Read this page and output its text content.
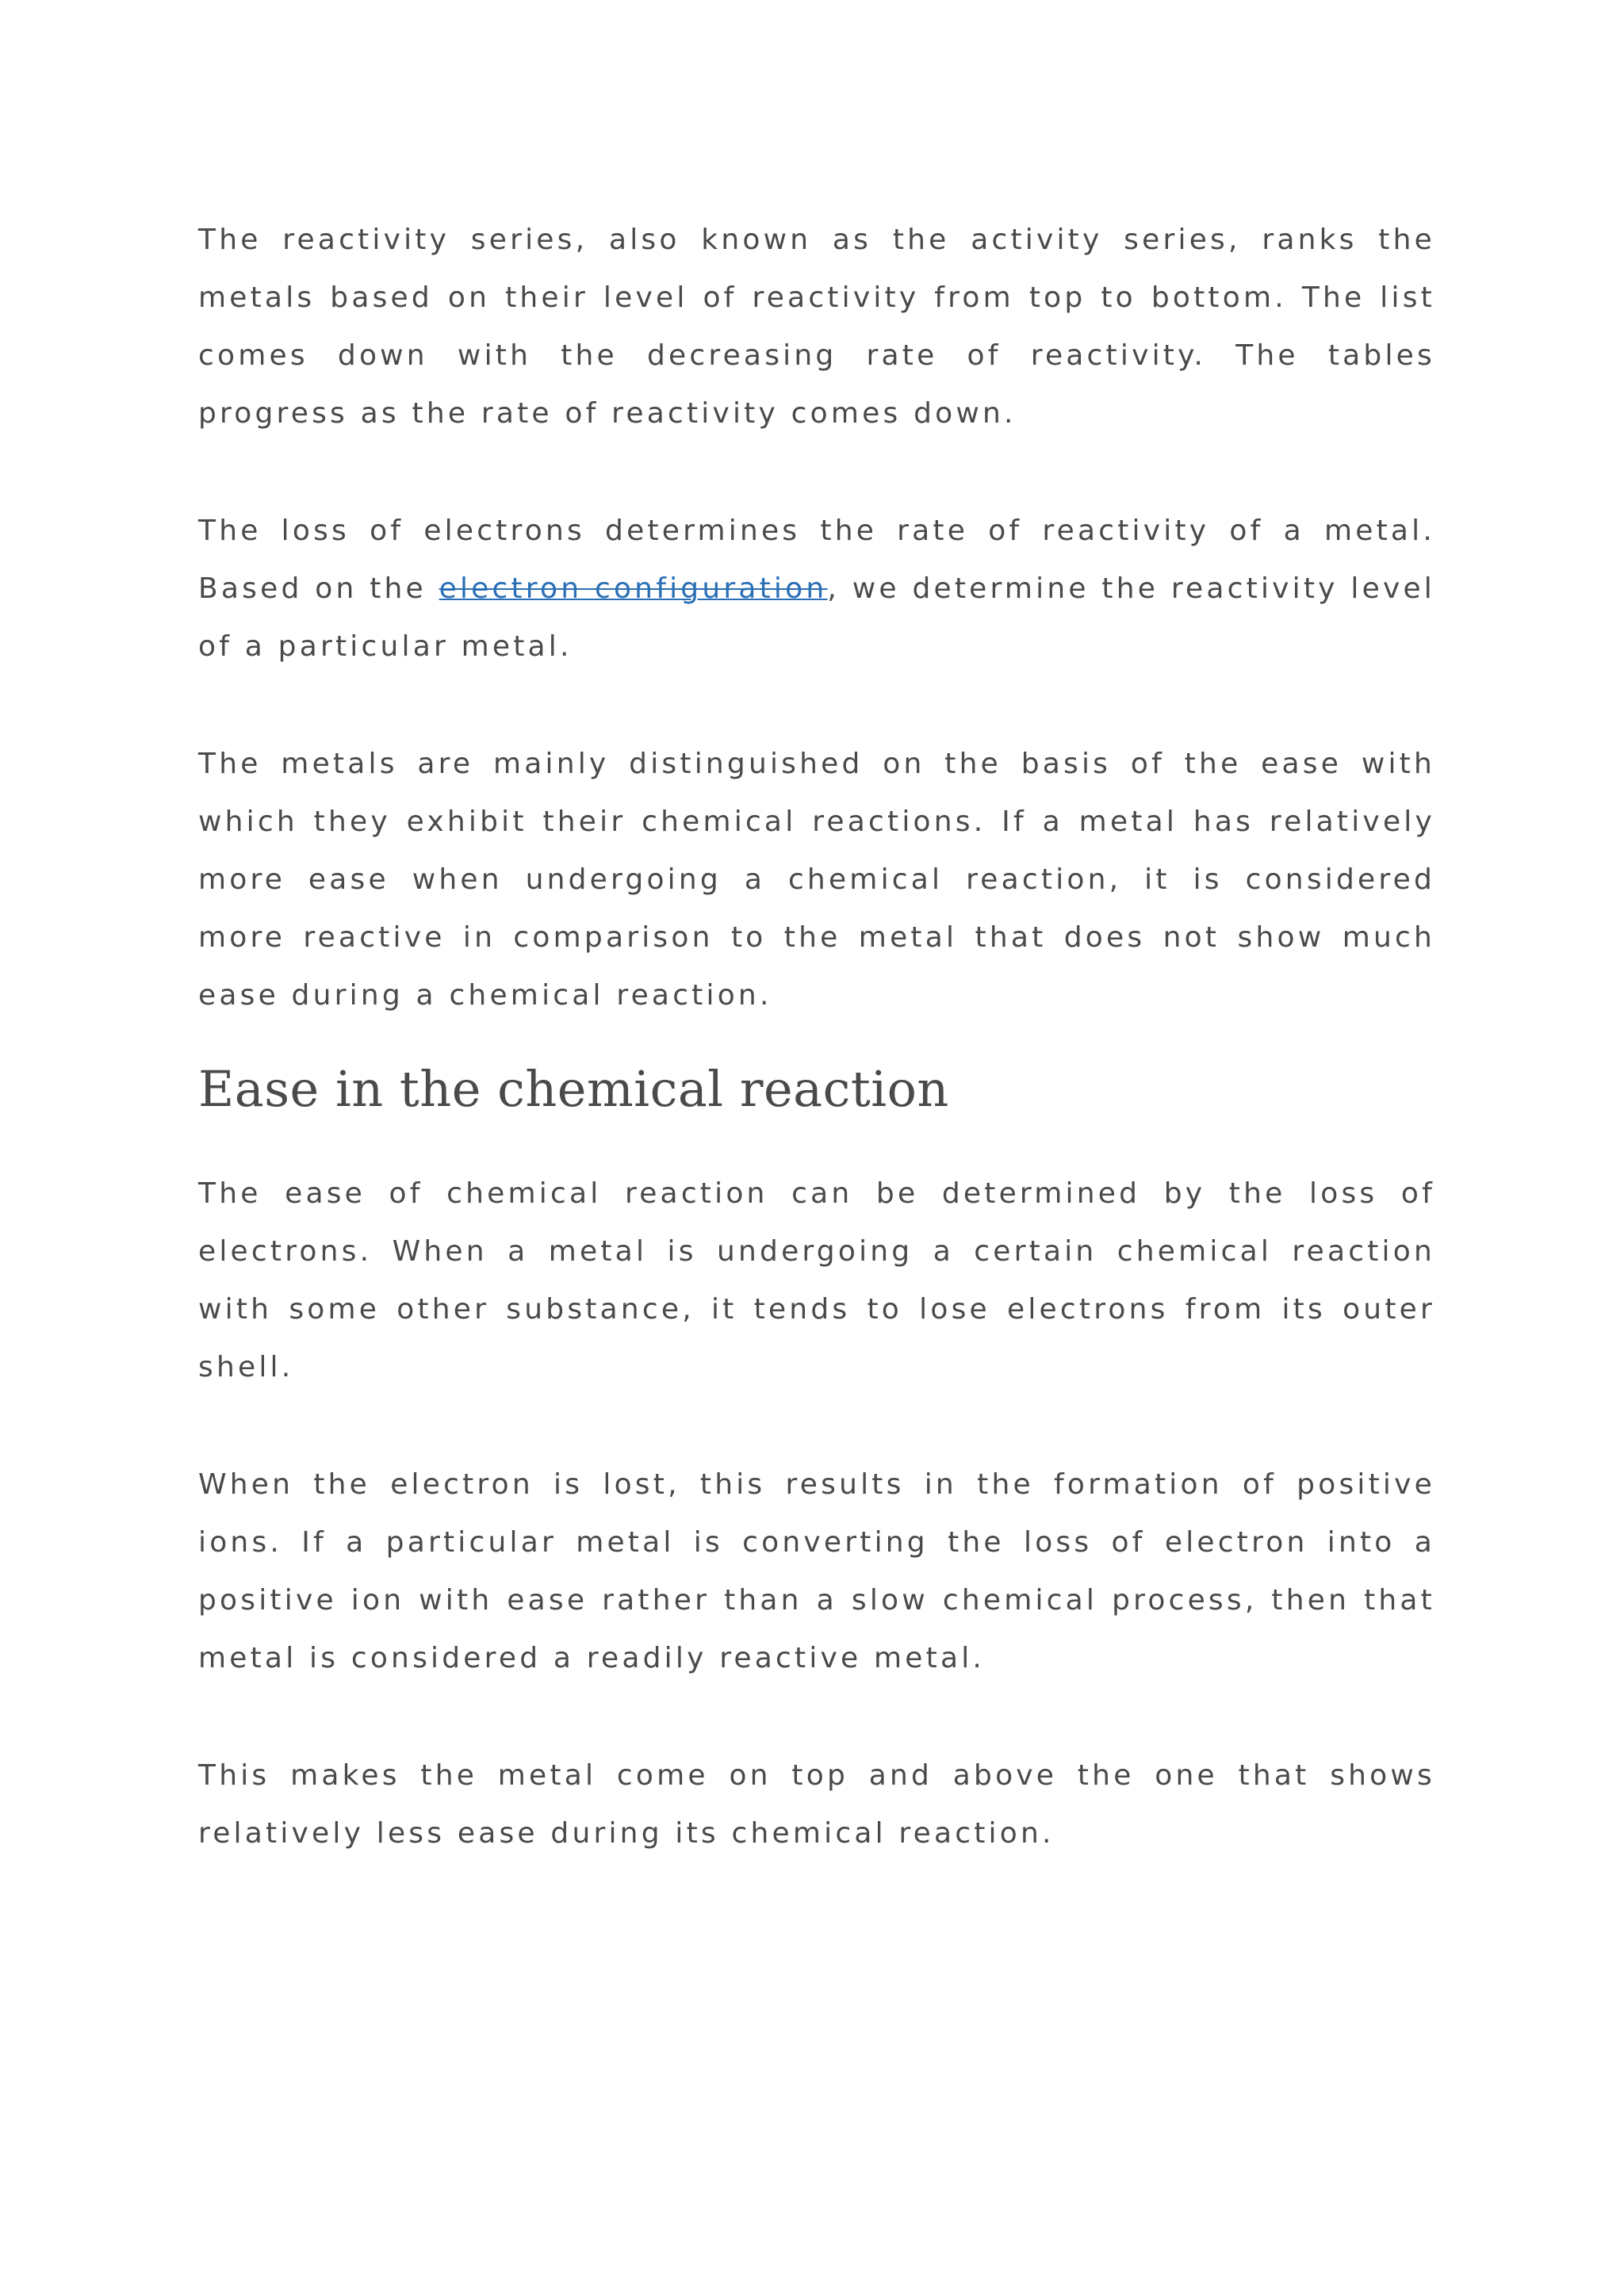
The reactivity series, also known as the activity series, ranks the metals based on their level of reactivity from top to bottom. The list comes down with the decreasing rate of reactivity. The tables progress as the rate of reactivity comes down.

The loss of electrons determines the rate of reactivity of a metal. Based on the electron configuration, we determine the reactivity level of a particular metal.

The metals are mainly distinguished on the basis of the ease with which they exhibit their chemical reactions. If a metal has relatively more ease when undergoing a chemical reaction, it is considered more reactive in comparison to the metal that does not show much ease during a chemical reaction.

Ease in the chemical reaction

The ease of chemical reaction can be determined by the loss of electrons. When a metal is undergoing a certain chemical reaction with some other substance, it tends to lose electrons from its outer shell.

When the electron is lost, this results in the formation of positive ions. If a particular metal is converting the loss of electron into a positive ion with ease rather than a slow chemical process, then that metal is considered a readily reactive metal.

This makes the metal come on top and above the one that shows relatively less ease during its chemical reaction.
